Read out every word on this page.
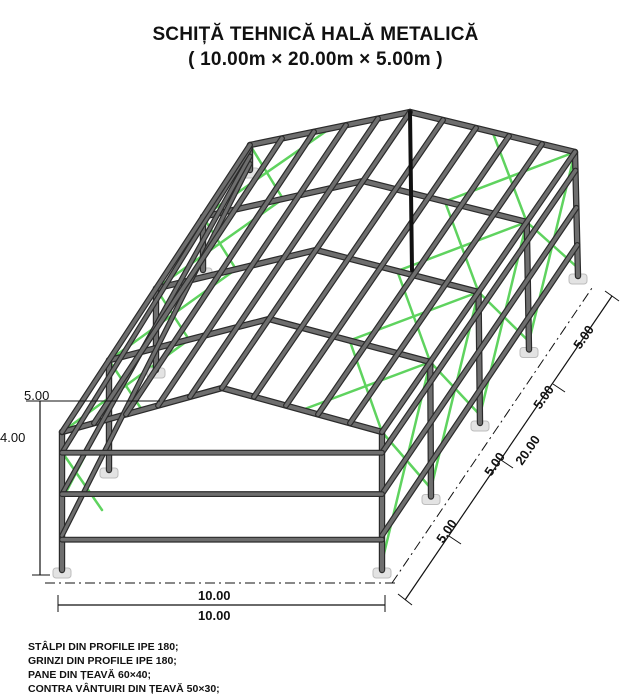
SCHIȚĂ TEHNICĂ HALĂ METALICĂ
( 10.00m × 20.00m × 5.00m )
5.00
4.00
10.00
10.00
20.00
5.00
5.00
5.00
5.00
STÂLPI DIN PROFILE IPE 180;
GRINZI DIN PROFILE IPE 180;
PANE DIN ȚEAVĂ 60×40;
CONTRA VÂNTUIRI DIN ȚEAVĂ 50×30;
